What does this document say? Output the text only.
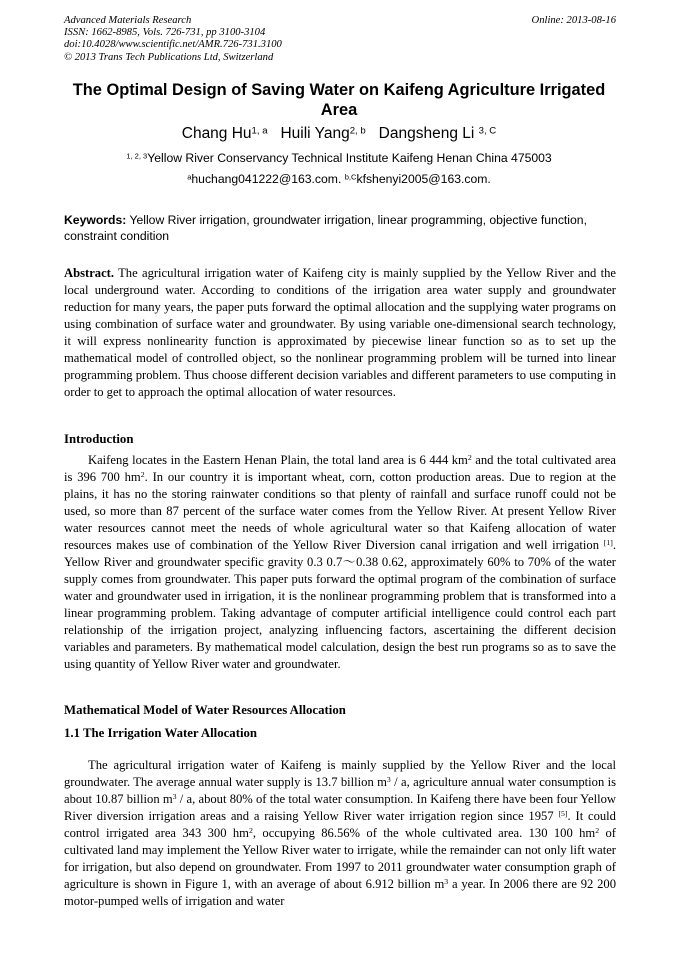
Advanced Materials Research
ISSN: 1662-8985, Vols. 726-731, pp 3100-3104
doi:10.4028/www.scientific.net/AMR.726-731.3100
© 2013 Trans Tech Publications Ltd, Switzerland
Online: 2013-08-16
The Optimal Design of Saving Water on Kaifeng Agriculture Irrigated Area
Chang Hu$^{1, a}$ Huili Yang$^{2, b}$ Dangsheng Li $^{3, C}$
$^{1, 2, 3}$Yellow River Conservancy Technical Institute Kaifeng Henan China 475003
$^a$huchang041222@163.com. $^{b,C}$kfshenyi2005@163.com.
Keywords: Yellow River irrigation, groundwater irrigation, linear programming, objective function, constraint condition
Abstract. The agricultural irrigation water of Kaifeng city is mainly supplied by the Yellow River and the local underground water. According to conditions of the irrigation area water supply and groundwater reduction for many years, the paper puts forward the optimal allocation and the supplying water programs on using combination of surface water and groundwater. By using variable one-dimensional search technology, it will express nonlinearity function is approximated by piecewise linear function so as to set up the mathematical model of controlled object, so the nonlinear programming problem will be turned into linear programming problem. Thus choose different decision variables and different parameters to use computing in order to get to approach the optimal allocation of water resources.
Introduction
Kaifeng locates in the Eastern Henan Plain, the total land area is 6 444 $km^2$ and the total cultivated area is 396 700 $hm^2$. In our country it is important wheat, corn, cotton production areas. Due to region at the plains, it has no the storing rainwater conditions so that plenty of rainfall and surface runoff could not be used, so more than 87 percent of the surface water comes from the Yellow River. At present Yellow River water resources cannot meet the needs of whole agricultural water so that Kaifeng allocation of water resources makes use of combination of the Yellow River Diversion canal irrigation and well irrigation [1]. Yellow River and groundwater specific gravity 0.3 0.7～0.38 0.62, approximately 60% to 70% of the water supply comes from groundwater. This paper puts forward the optimal program of the combination of surface water and groundwater used in irrigation, it is the nonlinear programming problem that is transformed into a linear programming problem. Taking advantage of computer artificial intelligence could control each part relationship of the irrigation project, analyzing influencing factors, ascertaining the different decision variables and parameters. By mathematical model calculation, design the best run programs so as to save the using quantity of Yellow River water and groundwater.
Mathematical Model of Water Resources Allocation
1.1 The Irrigation Water Allocation
The agricultural irrigation water of Kaifeng is mainly supplied by the Yellow River and the local groundwater. The average annual water supply is 13.7 billion $m^3$ / a, agriculture annual water consumption is about 10.87 billion $m^3$ / a, about 80% of the total water consumption. In Kaifeng there have been four Yellow River diversion irrigation areas and a raising Yellow River water irrigation region since 1957 [5]. It could control irrigated area 343 300 $hm^2$, occupying 86.56% of the whole cultivated area. 130 100 $hm^2$ of cultivated land may implement the Yellow River water to irrigate, while the remainder can not only lift water for irrigation, but also depend on groundwater. From 1997 to 2011 groundwater water consumption graph of agriculture is shown in Figure 1, with an average of about 6.912 billion $m^3$ a year. In 2006 there are 92 200 motor-pumped wells of irrigation and water
